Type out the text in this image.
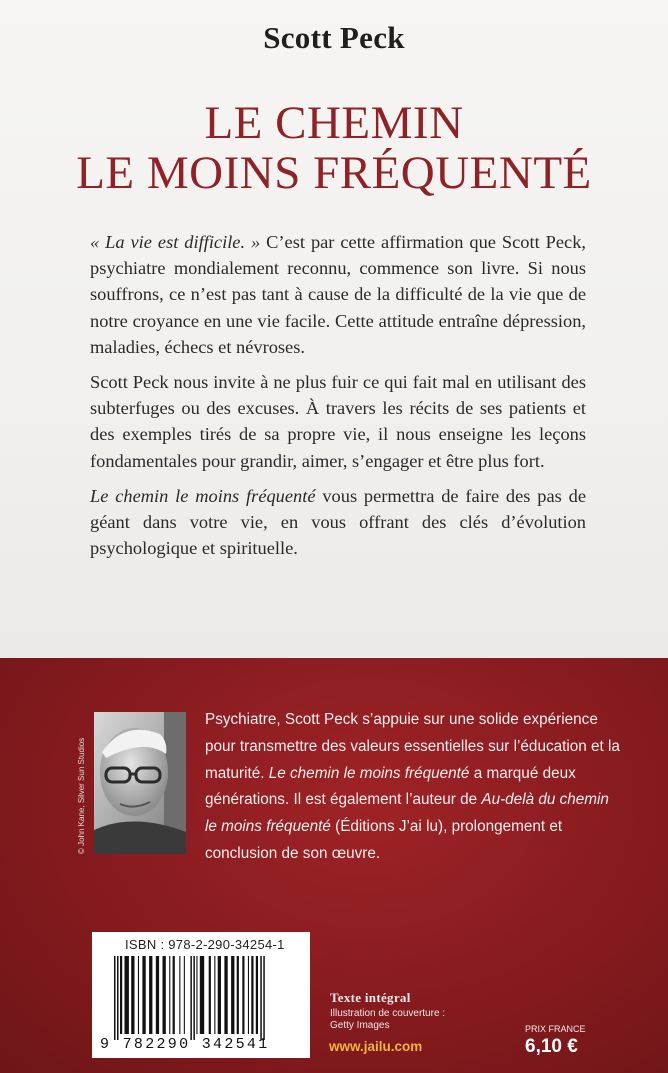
Scott Peck
LE CHEMIN
LE MOINS FRÉQUENTÉ

« La vie est difficile. » C’est par cette affirmation que Scott Peck, psychiatre mondialement reconnu, commence son livre. Si nous souffrons, ce n’est pas tant à cause de la difficulté de la vie que de notre croyance en une vie facile. Cette attitude entraîne dépression, maladies, échecs et névroses.

Scott Peck nous invite à ne plus fuir ce qui fait mal en utilisant des subterfuges ou des excuses. À travers les récits de ses patients et des exemples tirés de sa propre vie, il nous enseigne les leçons fondamentales pour grandir, aimer, s’engager et être plus fort.

Le chemin le moins fréquenté vous permettra de faire des pas de géant dans votre vie, en vous offrant des clés d’évolution psychologique et spirituelle.

© John Kane, Silver Sun Studios
Psychiatre, Scott Peck s’appuie sur une solide expérience pour transmettre des valeurs essentielles sur l’éducation et la maturité. Le chemin le moins fréquenté a marqué deux générations. Il est également l’auteur de Au-delà du chemin le moins fréquenté (Éditions J’ai lu), prolongement et conclusion de son œuvre.
ISBN : 978-2-290-34254-1
9 782290 342541
Texte intégral
Illustration de couverture :
Getty Images
www.jailu.com
PRIX FRANCE
6,10 €
